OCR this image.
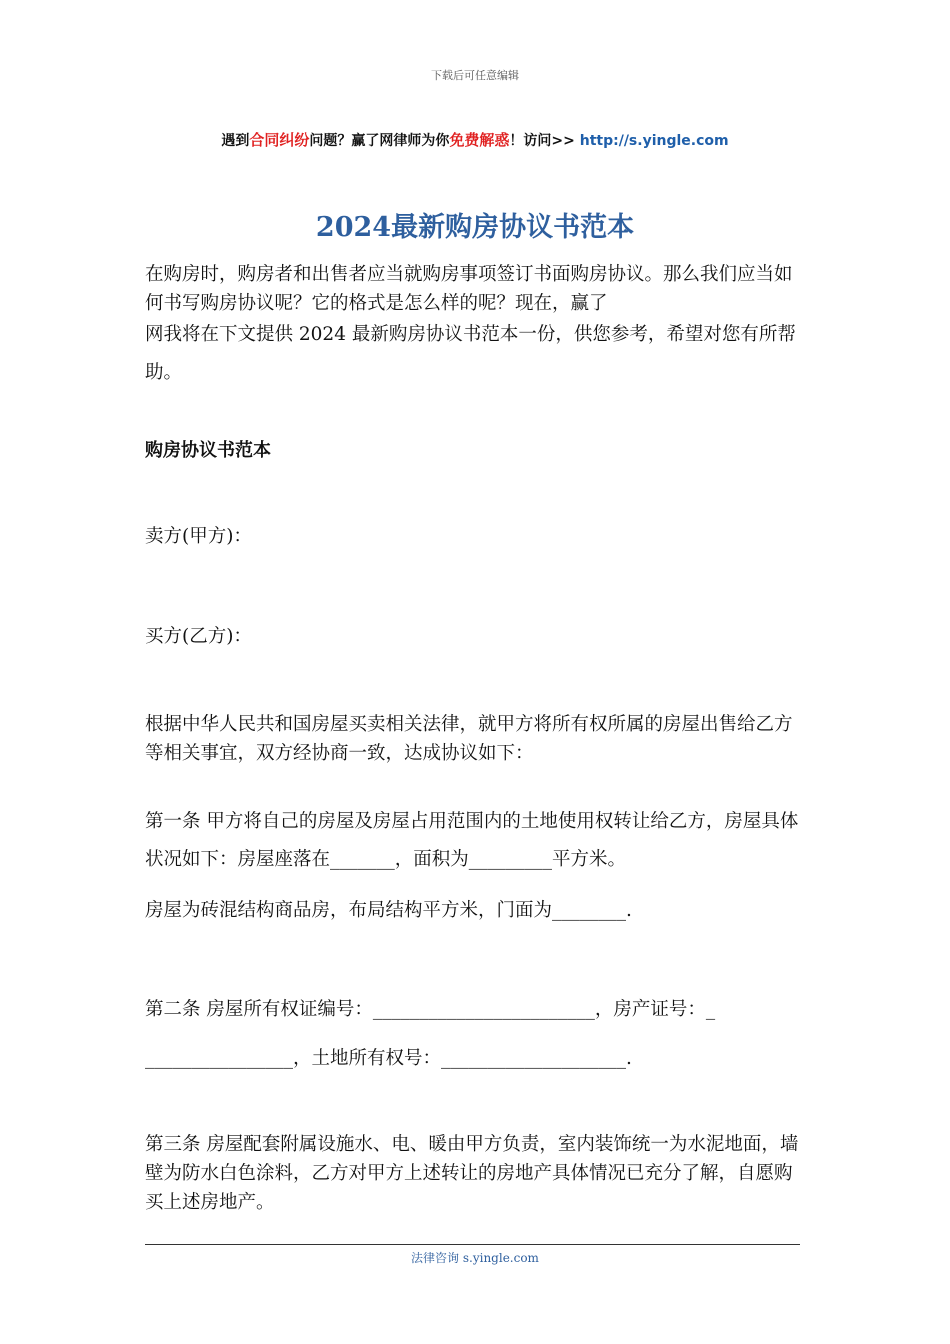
下载后可任意编辑
遇到合同纠纷问题？赢了网律师为你免费解惑！访问>> http://s.yingle.com
2024最新购房协议书范本
在购房时，购房者和出售者应当就购房事项签订书面购房协议。那么我们应当如何书写购房协议呢？它的格式是怎么样的呢？现在，赢了
网我将在下文提供 2024 最新购房协议书范本一份，供您参考，希望对您有所帮助。
购房协议书范本
卖方(甲方)：
买方(乙方)：
根据中华人民共和国房屋买卖相关法律，就甲方将所有权所属的房屋出售给乙方等相关事宜，双方经协商一致，达成协议如下：
第一条 甲方将自己的房屋及房屋占用范围内的土地使用权转让给乙方，房屋具体状况如下：房屋座落在_______，面积为_________平方米。
房屋为砖混结构商品房，布局结构平方米，门面为________.
第二条 房屋所有权证编号：________________________，房产证号：_
________________，土地所有权号：____________________.
第三条 房屋配套附属设施水、电、暖由甲方负责，室内装饰统一为水泥地面，墙壁为防水白色涂料，乙方对甲方上述转让的房地产具体情况已充分了解，自愿购买上述房地产。
法律咨询 s.yingle.com
